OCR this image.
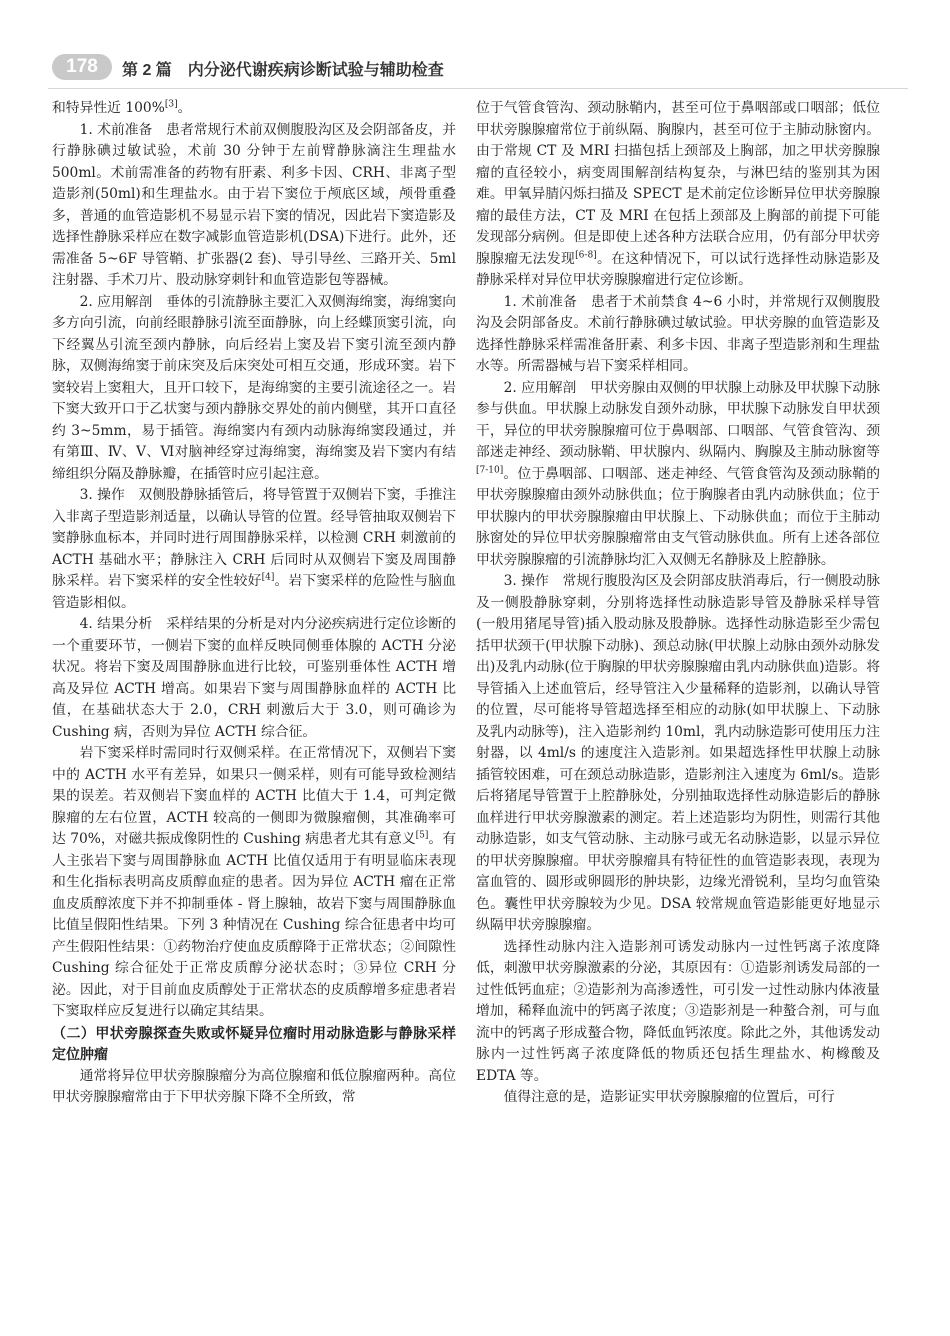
178	第 2 篇　内分泌代谢疾病诊断试验与辅助检查

和特异性近 100%[3]。

1. 术前准备　患者常规行术前双侧腹股沟区及会阴部备皮，并行静脉碘过敏试验，术前 30 分钟于左前臂静脉滴注生理盐水 500ml。术前需准备的药物有肝素、利多卡因、CRH、非离子型造影剂(50ml)和生理盐水。由于岩下窦位于颅底区域，颅骨重叠多，普通的血管造影机不易显示岩下窦的情况，因此岩下窦造影及选择性静脉采样应在数字减影血管造影机(DSA)下进行。此外，还需准备 5~6F 导管鞘、扩张器(2 套)、导引导丝、三路开关、5ml 注射器、手术刀片、股动脉穿刺针和血管造影包等器械。

2. 应用解剖　垂体的引流静脉主要汇入双侧海绵窦，海绵窦向多方向引流，向前经眼静脉引流至面静脉，向上经蝶顶窦引流，向下经翼丛引流至颈内静脉，向后经岩上窦及岩下窦引流至颈内静脉，双侧海绵窦于前床突及后床突处可相互交通，形成环窦。岩下窦较岩上窦粗大，且开口较下，是海绵窦的主要引流途径之一。岩下窦大致开口于乙状窦与颈内静脉交界处的前内侧壁，其开口直径约 3~5mm，易于插管。海绵窦内有颈内动脉海绵窦段通过，并有第Ⅲ、Ⅳ、Ⅴ、Ⅵ对脑神经穿过海绵窦，海绵窦及岩下窦内有结缔组织分隔及静脉瓣，在插管时应引起注意。

3. 操作　双侧股静脉插管后，将导管置于双侧岩下窦，手推注入非离子型造影剂适量，以确认导管的位置。经导管抽取双侧岩下窦静脉血标本，并同时进行周围静脉采样，以检测 CRH 刺激前的 ACTH 基础水平；静脉注入 CRH 后同时从双侧岩下窦及周围静脉采样。岩下窦采样的安全性较好[4]。岩下窦采样的危险性与脑血管造影相似。

4. 结果分析　采样结果的分析是对内分泌疾病进行定位诊断的一个重要环节，一侧岩下窦的血样反映同侧垂体腺的 ACTH 分泌状况。将岩下窦及周围静脉血进行比较，可鉴别垂体性 ACTH 增高及异位 ACTH 增高。如果岩下窦与周围静脉血样的 ACTH 比值，在基础状态大于 2.0，CRH 刺激后大于 3.0，则可确诊为 Cushing 病，否则为异位 ACTH 综合征。

岩下窦采样时需同时行双侧采样。在正常情况下，双侧岩下窦中的 ACTH 水平有差异，如果只一侧采样，则有可能导致检测结果的误差。若双侧岩下窦血样的 ACTH 比值大于 1.4，可判定微腺瘤的左右位置，ACTH 较高的一侧即为微腺瘤侧，其准确率可达 70%，对磁共振成像阴性的 Cushing 病患者尤其有意义[5]。有人主张岩下窦与周围静脉血 ACTH 比值仅适用于有明显临床表现和生化指标表明高皮质醇血症的患者。因为异位 ACTH 瘤在正常血皮质醇浓度下并不抑制垂体 - 肾上腺轴，故岩下窦与周围静脉血比值呈假阳性结果。下列 3 种情况在 Cushing 综合征患者中均可产生假阳性结果：①药物治疗使血皮质醇降于正常状态；②间隙性 Cushing 综合征处于正常皮质醇分泌状态时；③异位 CRH 分泌。因此，对于目前血皮质醇处于正常状态的皮质醇增多症患者岩下窦取样应反复进行以确定其结果。

（二）甲状旁腺探查失败或怀疑异位瘤时用动脉造影与静脉采样定位肿瘤

通常将异位甲状旁腺腺瘤分为高位腺瘤和低位腺瘤两种。高位甲状旁腺腺瘤常由于下甲状旁腺下降不全所致，常

位于气管食管沟、颈动脉鞘内，甚至可位于鼻咽部或口咽部；低位甲状旁腺腺瘤常位于前纵隔、胸腺内，甚至可位于主肺动脉窗内。由于常规 CT 及 MRI 扫描包括上颈部及上胸部，加之甲状旁腺腺瘤的直径较小，病变周围解剖结构复杂，与淋巴结的鉴别其为困难。甲氧异腈闪烁扫描及 SPECT 是术前定位诊断异位甲状旁腺腺瘤的最佳方法，CT 及 MRI 在包括上颈部及上胸部的前提下可能发现部分病例。但是即使上述各种方法联合应用，仍有部分甲状旁腺腺瘤无法发现[6-8]。在这种情况下，可以试行选择性动脉造影及静脉采样对异位甲状旁腺腺瘤进行定位诊断。

1. 术前准备　患者于术前禁食 4~6 小时，并常规行双侧腹股沟及会阴部备皮。术前行静脉碘过敏试验。甲状旁腺的血管造影及选择性静脉采样需准备肝素、利多卡因、非离子型造影剂和生理盐水等。所需器械与岩下窦采样相同。

2. 应用解剖　甲状旁腺由双侧的甲状腺上动脉及甲状腺下动脉参与供血。甲状腺上动脉发自颈外动脉，甲状腺下动脉发自甲状颈干，异位的甲状旁腺腺瘤可位于鼻咽部、口咽部、气管食管沟、颈部迷走神经、颈动脉鞘、甲状腺内、纵隔内、胸腺及主肺动脉窗等[7-10]。位于鼻咽部、口咽部、迷走神经、气管食管沟及颈动脉鞘的甲状旁腺腺瘤由颈外动脉供血；位于胸腺者由乳内动脉供血；位于甲状腺内的甲状旁腺腺瘤由甲状腺上、下动脉供血；而位于主肺动脉窗处的异位甲状旁腺腺瘤常由支气管动脉供血。所有上述各部位甲状旁腺腺瘤的引流静脉均汇入双侧无名静脉及上腔静脉。

3. 操作　常规行腹股沟区及会阴部皮肤消毒后，行一侧股动脉及一侧股静脉穿刺，分别将选择性动脉造影导管及静脉采样导管(一般用猪尾导管)插入股动脉及股静脉。选择性动脉造影至少需包括甲状颈干(甲状腺下动脉)、颈总动脉(甲状腺上动脉由颈外动脉发出)及乳内动脉(位于胸腺的甲状旁腺腺瘤由乳内动脉供血)造影。将导管插入上述血管后，经导管注入少量稀释的造影剂，以确认导管的位置，尽可能将导管超选择至相应的动脉(如甲状腺上、下动脉及乳内动脉等)，注入造影剂约 10ml，乳内动脉造影可使用压力注射器，以 4ml/s 的速度注入造影剂。如果超选择性甲状腺上动脉插管较困难，可在颈总动脉造影，造影剂注入速度为 6ml/s。造影后将猪尾导管置于上腔静脉处，分别抽取选择性动脉造影后的静脉血样进行甲状旁腺激素的测定。若上述造影均为阴性，则需行其他动脉造影，如支气管动脉、主动脉弓或无名动脉造影，以显示异位的甲状旁腺腺瘤。甲状旁腺瘤具有特征性的血管造影表现，表现为富血管的、圆形或卵圆形的肿块影，边缘光滑锐利，呈均匀血管染色。囊性甲状旁腺较为少见。DSA 较常规血管造影能更好地显示纵隔甲状旁腺腺瘤。

选择性动脉内注入造影剂可诱发动脉内一过性钙离子浓度降低，刺激甲状旁腺激素的分泌，其原因有：①造影剂诱发局部的一过性低钙血症；②造影剂为高渗透性，可引发一过性动脉内体液量增加，稀释血流中的钙离子浓度；③造影剂是一种螯合剂，可与血流中的钙离子形成螯合物，降低血钙浓度。除此之外，其他诱发动脉内一过性钙离子浓度降低的物质还包括生理盐水、枸橼酸及 EDTA 等。

值得注意的是，造影证实甲状旁腺腺瘤的位置后，可行
